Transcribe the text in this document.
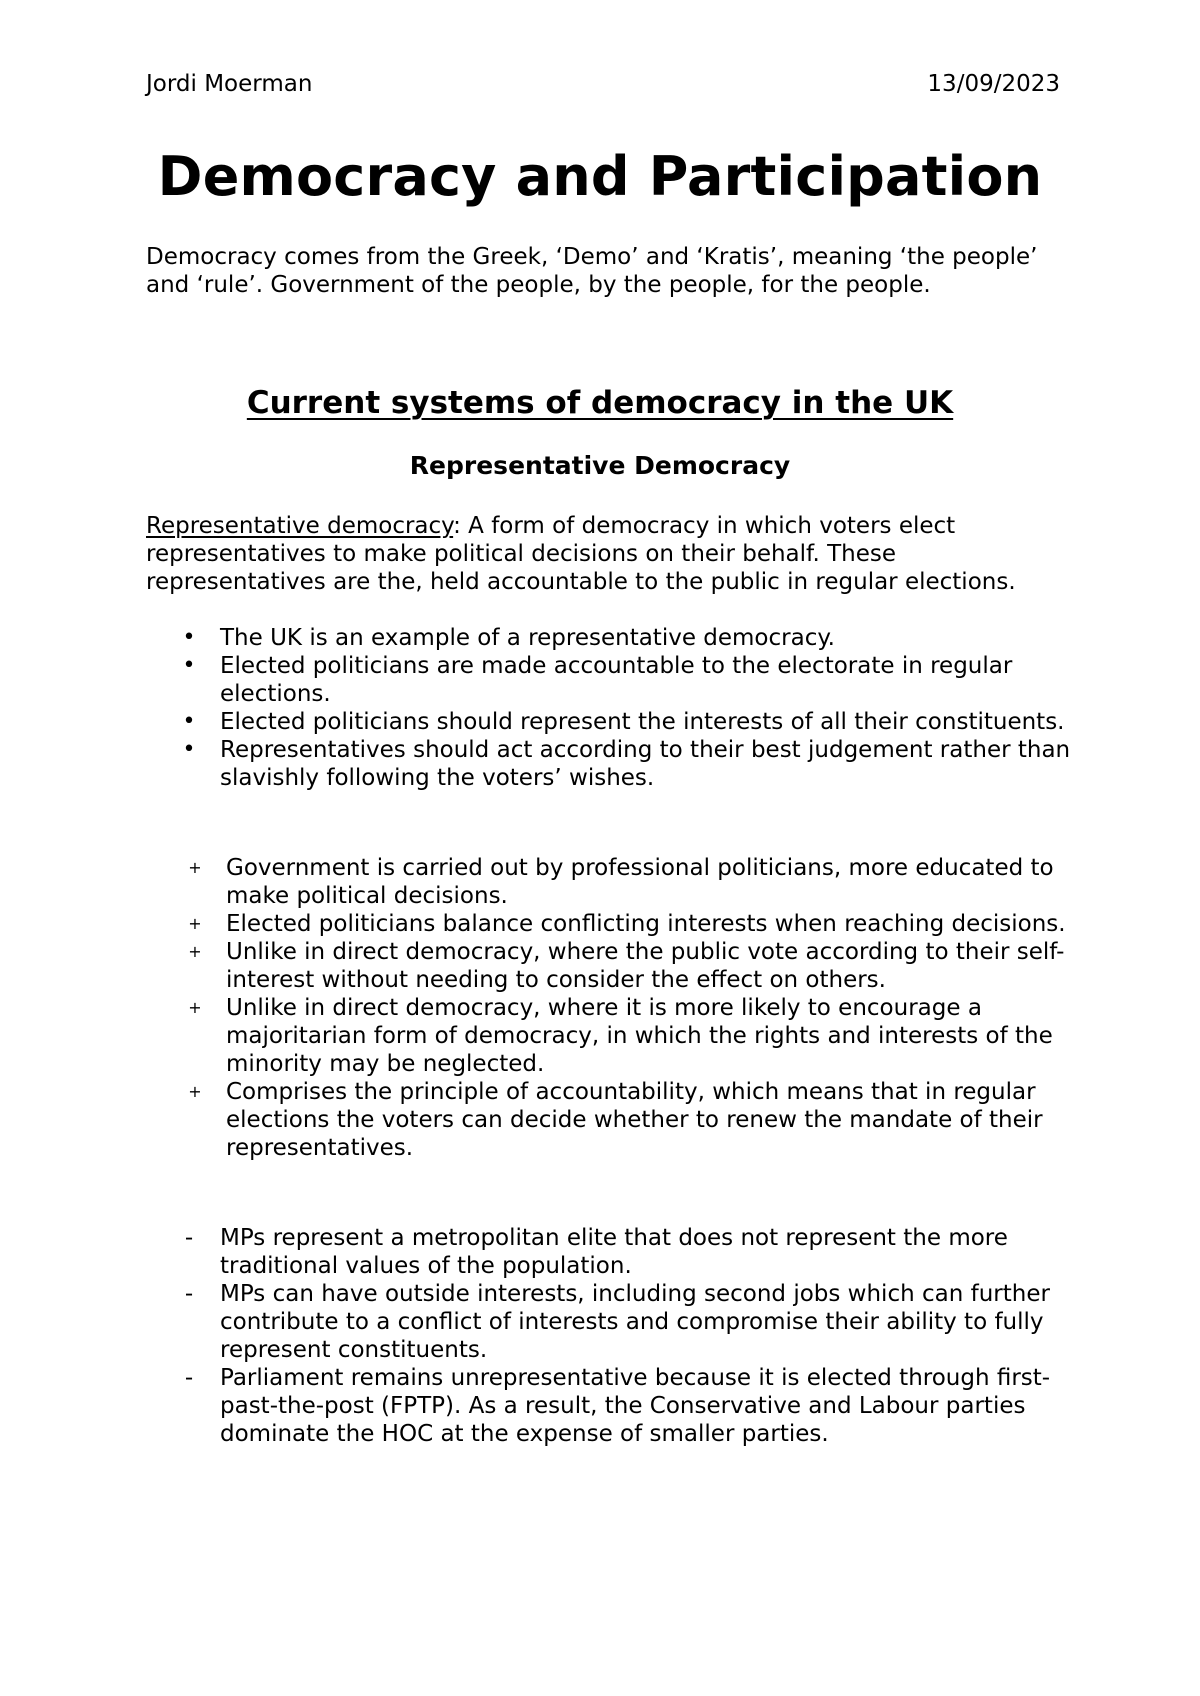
Jordi Moerman	13/09/2023
Democracy and Participation

Democracy comes from the Greek, ‘Demo’ and ‘Kratis’, meaning ‘the people’ and ‘rule’. Government of the people, by the people, for the people.

Current systems of democracy in the UK
Representative Democracy

Representative democracy: A form of democracy in which voters elect representatives to make political decisions on their behalf. These representatives are the, held accountable to the public in regular elections.

• The UK is an example of a representative democracy.
• Elected politicians are made accountable to the electorate in regular elections.
• Elected politicians should represent the interests of all their constituents.
• Representatives should act according to their best judgement rather than slavishly following the voters’ wishes.
+ Government is carried out by professional politicians, more educated to make political decisions.
+ Elected politicians balance conflicting interests when reaching decisions.
+ Unlike in direct democracy, where the public vote according to their self-interest without needing to consider the effect on others.
+ Unlike in direct democracy, where it is more likely to encourage a majoritarian form of democracy, in which the rights and interests of the minority may be neglected.
+ Comprises the principle of accountability, which means that in regular elections the voters can decide whether to renew the mandate of their representatives.
- MPs represent a metropolitan elite that does not represent the more traditional values of the population.
- MPs can have outside interests, including second jobs which can further contribute to a conflict of interests and compromise their ability to fully represent constituents.
- Parliament remains unrepresentative because it is elected through first-past-the-post (FPTP). As a result, the Conservative and Labour parties dominate the HOC at the expense of smaller parties.
